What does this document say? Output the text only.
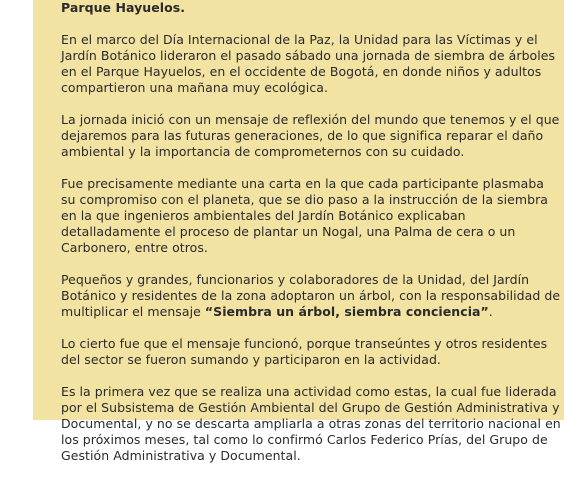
Parque Hayuelos.

En el marco del Día Internacional de la Paz, la Unidad para las Víctimas y el Jardín Botánico lideraron el pasado sábado una jornada de siembra de árboles en el Parque Hayuelos, en el occidente de Bogotá, en donde niños y adultos compartieron una mañana muy ecológica.

La jornada inició con un mensaje de reflexión del mundo que tenemos y el que dejaremos para las futuras generaciones, de lo que significa reparar el daño ambiental y la importancia de comprometernos con su cuidado.

Fue precisamente mediante una carta en la que cada participante plasmaba su compromiso con el planeta, que se dio paso a la instrucción de la siembra en la que ingenieros ambientales del Jardín Botánico explicaban detalladamente el proceso de plantar un Nogal, una Palma de cera o un Carbonero, entre otros.

Pequeños y grandes, funcionarios y colaboradores de la Unidad, del Jardín Botánico y residentes de la zona adoptaron un árbol, con la responsabilidad de multiplicar el mensaje “Siembra un árbol, siembra conciencia”.

Lo cierto fue que el mensaje funcionó, porque transeúntes y otros residentes del sector se fueron sumando y participaron en la actividad.

Es la primera vez que se realiza una actividad como estas, la cual fue liderada por el Subsistema de Gestión Ambiental del Grupo de Gestión Administrativa y Documental, y no se descarta ampliarla a otras zonas del territorio nacional en los próximos meses, tal como lo confirmó Carlos Federico Prías, del Grupo de Gestión Administrativa y Documental.
